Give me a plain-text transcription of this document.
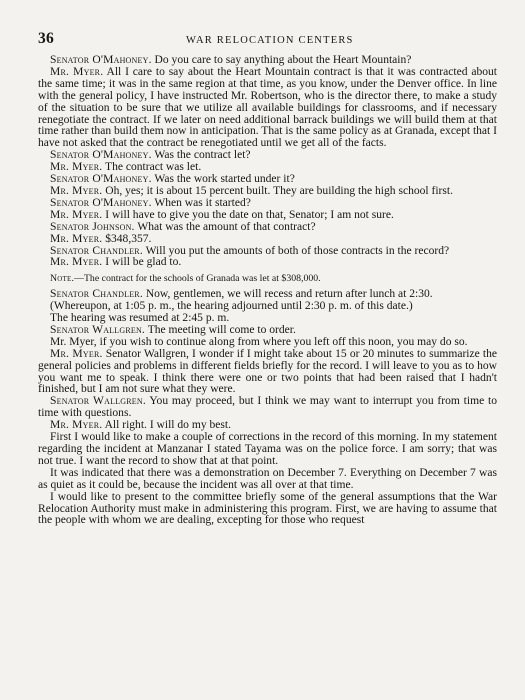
36	WAR RELOCATION CENTERS

Senator O'Mahoney. Do you care to say anything about the Heart Mountain?

Mr. Myer. All I care to say about the Heart Mountain contract is that it was contracted about the same time; it was in the same region at that time, as you know, under the Denver office. In line with the general policy, I have instructed Mr. Robertson, who is the director there, to make a study of the situation to be sure that we utilize all available buildings for classrooms, and if necessary renegotiate the contract. If we later on need additional barrack buildings we will build them at that time rather than build them now in anticipation. That is the same policy as at Granada, except that I have not asked that the contract be renegotiated until we get all of the facts.

Senator O'Mahoney. Was the contract let?

Mr. Myer. The contract was let.

Senator O'Mahoney. Was the work started under it?

Mr. Myer. Oh, yes; it is about 15 percent built. They are building the high school first.

Senator O'Mahoney. When was it started?

Mr. Myer. I will have to give you the date on that, Senator; I am not sure.

Senator Johnson. What was the amount of that contract?

Mr. Myer. $348,357.

Senator Chandler. Will you put the amounts of both of those contracts in the record?

Mr. Myer. I will be glad to.

Note.—The contract for the schools of Granada was let at $308,000.

Senator Chandler. Now, gentlemen, we will recess and return after lunch at 2:30.

(Whereupon, at 1:05 p. m., the hearing adjourned until 2:30 p. m. of this date.)

The hearing was resumed at 2:45 p. m.

Senator Wallgren. The meeting will come to order.

Mr. Myer, if you wish to continue along from where you left off this noon, you may do so.

Mr. Myer. Senator Wallgren, I wonder if I might take about 15 or 20 minutes to summarize the general policies and problems in different fields briefly for the record. I will leave to you as to how you want me to speak. I think there were one or two points that had been raised that I hadn't finished, but I am not sure what they were.

Senator Wallgren. You may proceed, but I think we may want to interrupt you from time to time with questions.

Mr. Myer. All right. I will do my best.

First I would like to make a couple of corrections in the record of this morning. In my statement regarding the incident at Manzanar I stated Tayama was on the police force. I am sorry; that was not true. I want the record to show that at that point.

It was indicated that there was a demonstration on December 7. Everything on December 7 was as quiet as it could be, because the incident was all over at that time.

I would like to present to the committee briefly some of the general assumptions that the War Relocation Authority must make in administering this program. First, we are having to assume that the people with whom we are dealing, excepting for those who request
